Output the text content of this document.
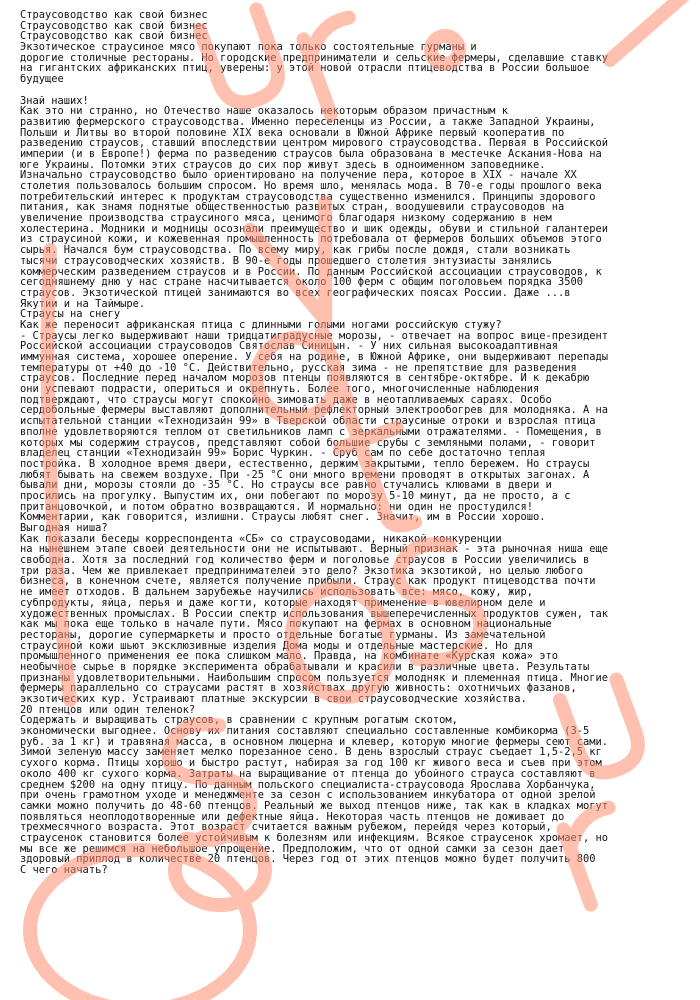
Страусоводство как свой бизнес
Страусоводство как свой бизнес
Страусоводство как свой бизнес
Экзотическое страусиное мясо покупают пока только состоятельные гурманы и
дорогие столичные рестораны. Но городские предприниматели и сельские фермеры, сделавшие ставку
на гигантских африканских птиц, уверены: у этой новой отрасли птицеводства в России большое
будущее

Знай наших!
Как это ни странно, но Отечество наше оказалось некоторым образом причастным к
развитию фермерского страусоводства. Именно переселенцы из России, а также Западной Украины,
Польши и Литвы во второй половине XIX века основали в Южной Африке первый кооператив по
разведению страусов, ставший впоследствии центром мирового страусоводства. Первая в Российской
империи (и в Европе!) ферма по разведению страусов была образована в местечке Аскания-Нова на
юге Украины. Потомки этих страусов до сих пор живут здесь в одноименном заповеднике.
Изначально страусоводство было ориентировано на получение пера, которое в XIX - начале XX
столетия пользовалось большим спросом. Но время шло, менялась мода. В 70-е годы прошлого века
потребительский интерес к продуктам страусоводства существенно изменился. Принципы здорового
питания, как знамя поднятые общественностью развитых стран, воодушевили страусоводов на
увеличение производства страусиного мяса, ценимого благодаря низкому содержанию в нем
холестерина. Модники и модницы осознали преимущество и шик одежды, обуви и стильной галантереи
из страусиной кожи, и кожевенная промышленность потребовала от фермеров больших объемов этого
сырья. Начался бум страусоводства. По всему миру, как грибы после дождя, стали возникать
тысячи страусоводческих хозяйств. В 90-е годы прошедшего столетия энтузиасты занялись
коммерческим разведением страусов и в России. По данным Российской ассоциации страусоводов, к
сегодняшнему дню у нас стране насчитывается около 100 ферм с общим поголовьем порядка 3500
страусов. Экзотической птицей занимаются во всех географических поясах России. Даже ...в
Якутии и на Таймыре.
Страусы на снегу
Как же переносит африканская птица с длинными голыми ногами российскую стужу?
- Страусы легко выдерживают наши тридцатиградусные морозы, - отвечает на вопрос вице-президент
Российской ассоциации страусоводов Святослав Синицын. - У них сильная высокоадаптивная
иммунная система, хорошее оперение. У себя на родине, в Южной Африке, они выдерживают перепады
температуры от +40 до -10 °С. Действительно, русская зима - не препятствие для разведения
страусов. Последние перед началом морозов птенцы появляются в сентябре-октябре. И к декабрю
они успевают подрасти, опериться и окрепнуть. Более того, многочисленные наблюдения
подтверждают, что страусы могут спокойно зимовать даже в неотапливаемых сараях. Особо
сердобольные фермеры выставляют дополнительный рефлекторный электрообогрев для молодняка. А на
испытательной станции «Технодизайн 99» в Тверской области страусиные отроки и взрослая птица
вполне удовлетворяются теплом от светильников ламп с зеркальными отражателями. - Помещения, в
которых мы содержим страусов, представляют собой большие срубы с земляными полами, - говорит
владелец станции «Технодизайн 99» Борис Чуркин. - Сруб сам по себе достаточно теплая
постройка. В холодное время двери, естественно, держим закрытыми, тепло бережем. Но страусы
любят бывать на свежем воздухе. При -25 °С они много времени проводят в открытых загонах. А
бывали дни, морозы стояли до -35 °С. Но страусы все равно стучались клювами в двери и
просились на прогулку. Выпустим их, они побегают по морозу 5-10 минут, да не просто, а с
пританцовочкой, и потом обратно возвращаются. И нормально: ни один не простудился!
Комментарии, как говорится, излишни. Страусы любят снег. Значит, им в России хорошо.
Выгодная ниша?
Как показали беседы корреспондента «СБ» со страусоводами, никакой конкуренции
на нынешнем этапе своей деятельности они не испытывают. Верный признак - эта рыночная ниша еще
свободна. Хотя за последний год количество ферм и поголовье страусов в России увеличились в
три раза. Чем же привлекает предпринимателей это дело? Экзотика экзотикой, но целью любого
бизнеса, в конечном счете, является получение прибыли. Страус как продукт птицеводства почти
не имеет отходов. В дальнем зарубежье научились использовать все: мясо, кожу, жир,
субпродукты, яйца, перья и даже когти, которые находят применение в ювелирном деле и
художественных промыслах. В России спектр использования вышеперечисленных продуктов сужен, так
как мы пока еще только в начале пути. Мясо покупают на фермах в основном национальные
рестораны, дорогие супермаркеты и просто отдельные богатые гурманы. Из замечательной
страусиной кожи шьют эксклюзивные изделия Дома моды и отдельные мастерские. Но для
промышленного применения ее пока слишком мало. Правда, на комбинате «Курская кожа» это
необычное сырье в порядке эксперимента обрабатывали и красили в различные цвета. Результаты
признаны удовлетворительными. Наибольшим спросом пользуется молодняк и племенная птица. Многие
фермеры параллельно со страусами растят в хозяйствах другую живность: охотничьих фазанов,
экзотических кур. Устраивают платные экскурсии в свои страусоводческие хозяйства.
20 птенцов или один теленок?
Содержать и выращивать страусов, в сравнении с крупным рогатым скотом,
экономически выгоднее. Основу их питания составляют специально составленные комбикорма (3-5
руб. за 1 кг) и травяная масса, в основном люцерна и клевер, которую многие фермеры сеют сами.
Зимой зеленую массу заменяет мелко порезанное сено. В день взрослый страус съедает 1,5-2,5 кг
сухого корма. Птицы хорошо и быстро растут, набирая за год 100 кг живого веса и съев при этом
около 400 кг сухого корма. Затраты на выращивание от птенца до убойного страуса составляют в
среднем $200 на одну птицу. По данным польского специалиста-страусовода Ярослава Хорбанчука,
при очень грамотном уходе и менеджменте за сезон с использованием инкубатора от одной зрелой
самки можно получить до 48-60 птенцов. Реальный же выход птенцов ниже, так как в кладках могут
появляться неоплодотворенные или дефектные яйца. Некоторая часть птенцов не доживает до
трехмесячного возраста. Этот возраст считается важным рубежом, перейдя через который,
страусенок становится более устойчивым к болезням или инфекциям. Всякое cтраусенок хромает, но
мы все же решимся на небольшое упрощение. Предположим, что от одной самки за сезон дает
здоровый приплод в количестве 20 птенцов. Через год от этих птенцов можно будет получить 800
С чего начать?
